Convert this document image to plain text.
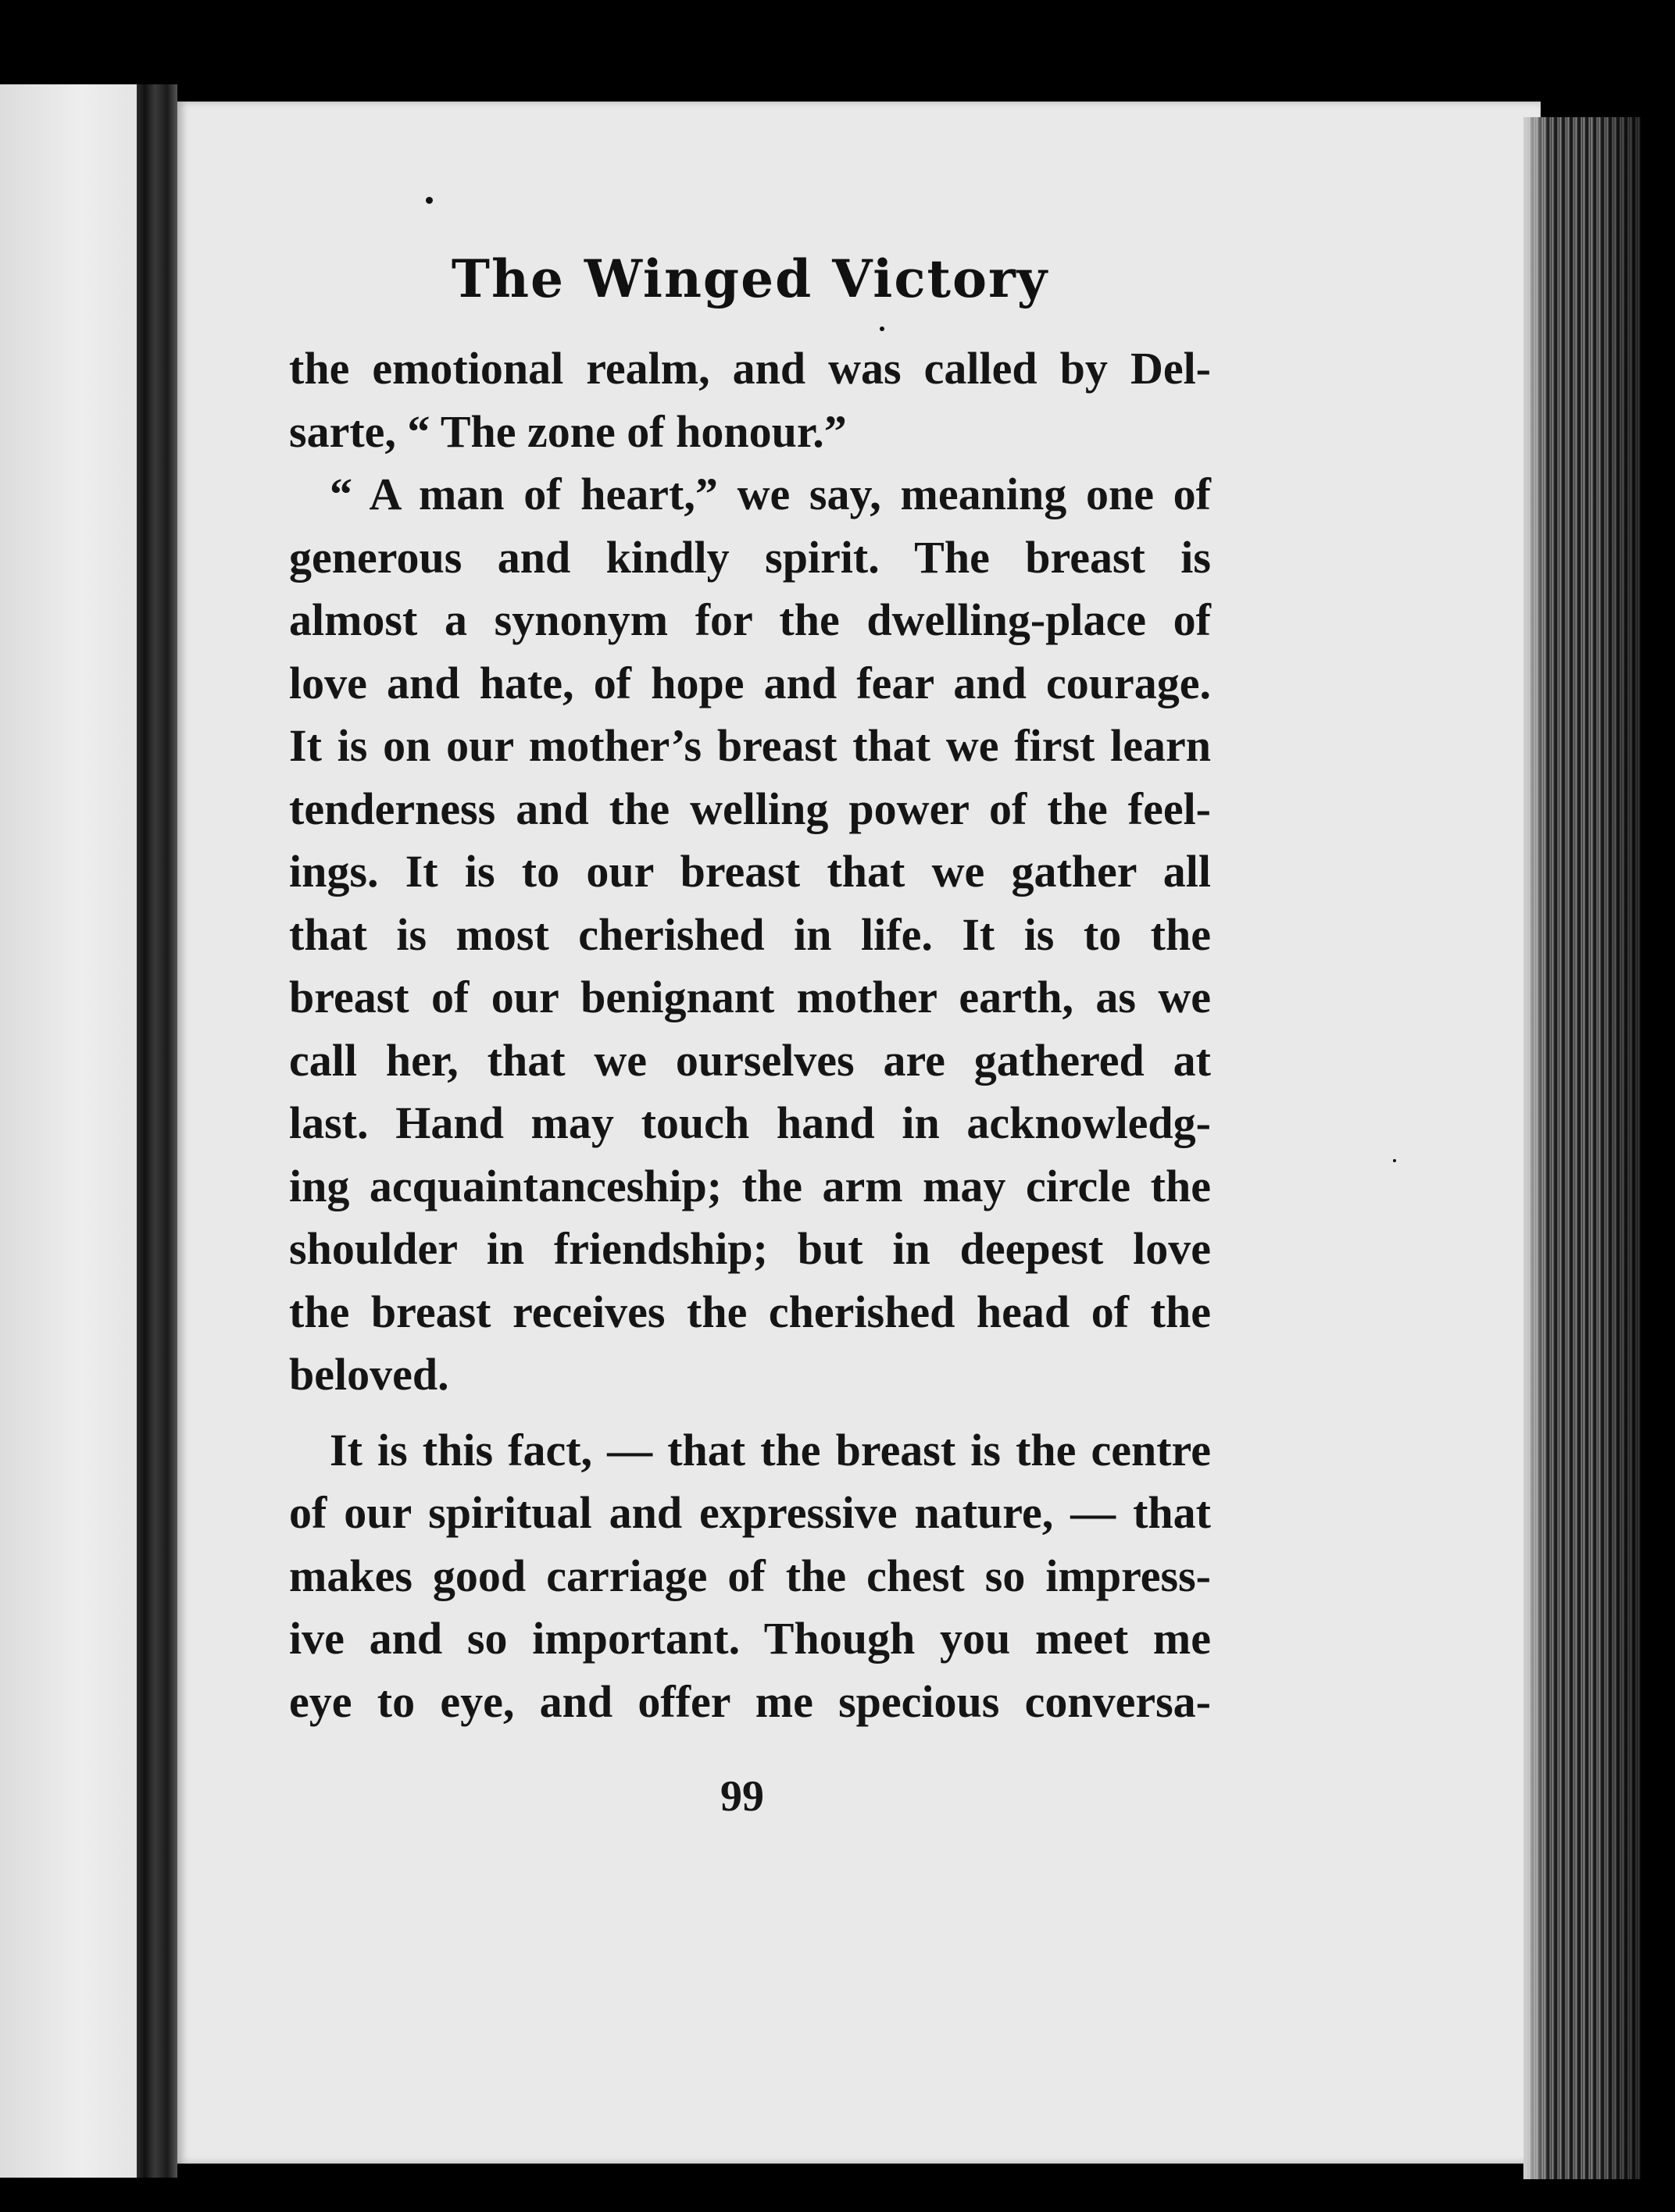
The Winged Victory
the emotional realm, and was called by Del-
sarte, “ The zone of honour.”
“ A man of heart,” we say, meaning one of
generous and kindly spirit. The breast is
almost a synonym for the dwelling-place of
love and hate, of hope and fear and courage.
It is on our mother’s breast that we first learn
tenderness and the welling power of the feel-
ings. It is to our breast that we gather all
that is most cherished in life. It is to the
breast of our benignant mother earth, as we
call her, that we ourselves are gathered at
last. Hand may touch hand in acknowledg-
ing acquaintanceship; the arm may circle the
shoulder in friendship; but in deepest love
the breast receives the cherished head of the
beloved.
It is this fact, — that the breast is the centre
of our spiritual and expressive nature, — that
makes good carriage of the chest so impress-
ive and so important. Though you meet me
eye to eye, and offer me specious conversa-

99
